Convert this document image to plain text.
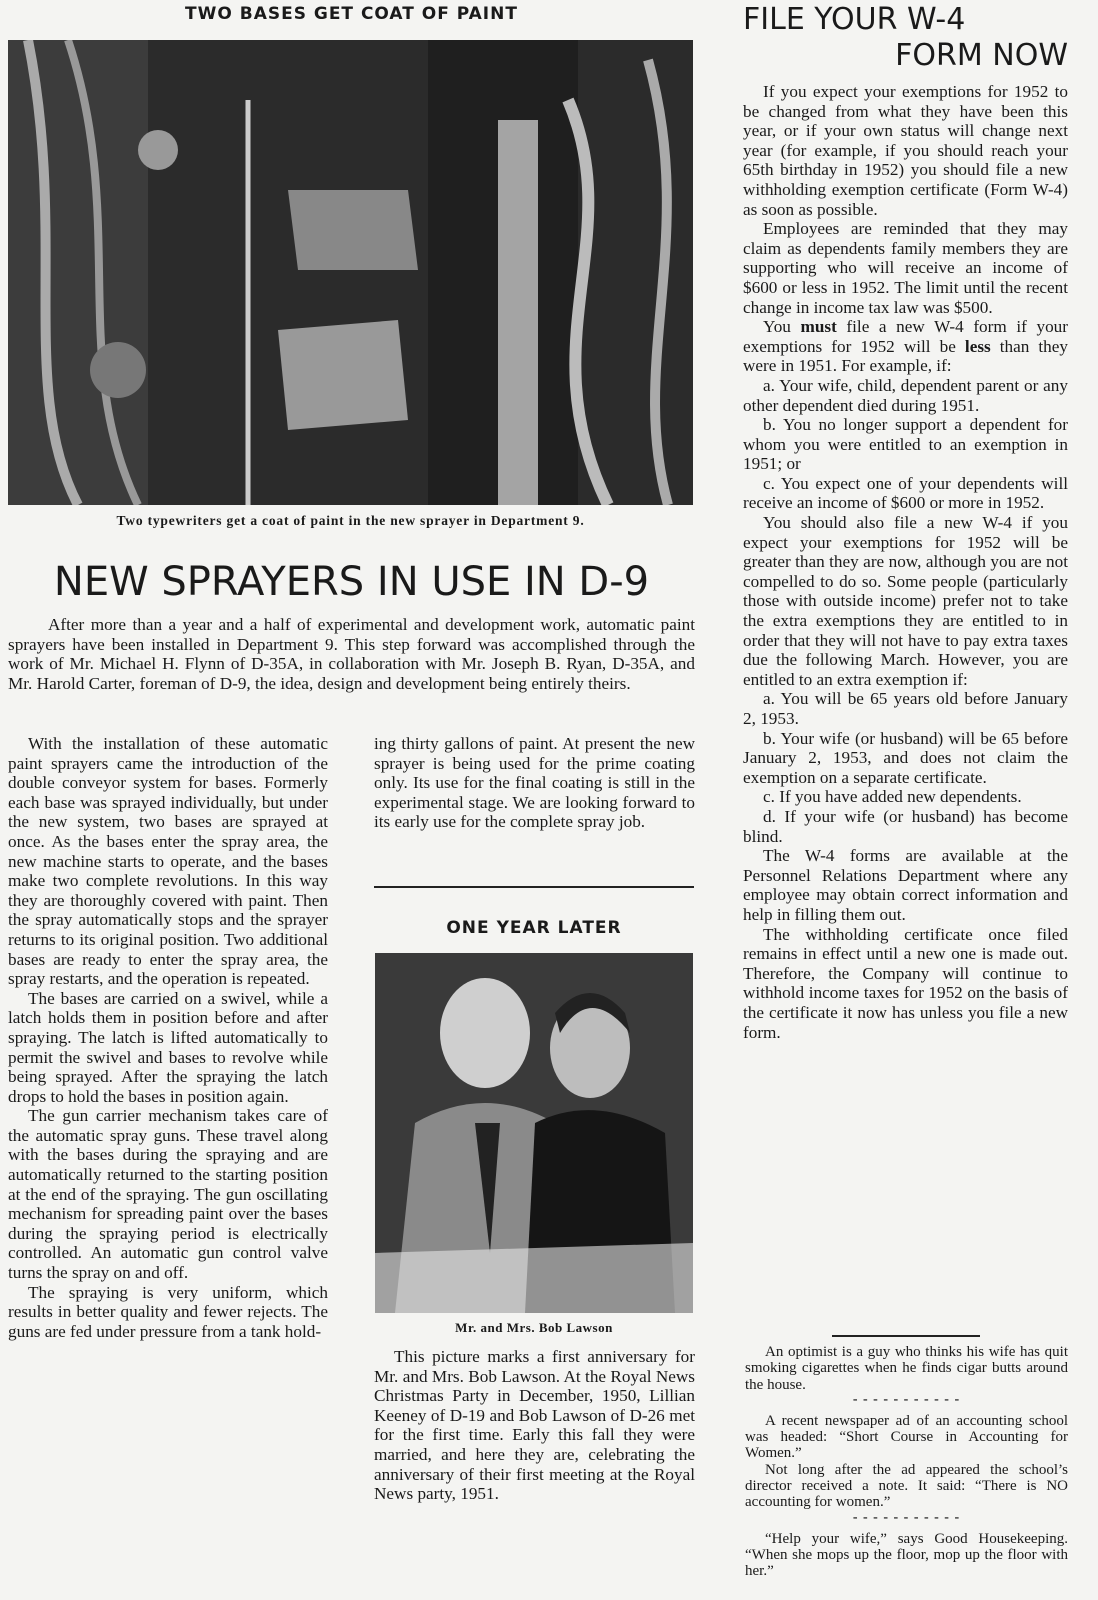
TWO BASES GET COAT OF PAINT
Two typewriters get a coat of paint in the new sprayer in Department 9.
NEW SPRAYERS IN USE IN D-9

After more than a year and a half of experimental and development work, automatic paint sprayers have been installed in Department 9. This step forward was accomplished through the work of Mr. Michael H. Flynn of D-35A, in collaboration with Mr. Joseph B. Ryan, D-35A, and Mr. Harold Carter, foreman of D-9, the idea, design and development being entirely theirs.

With the installation of these automatic paint sprayers came the introduction of the double conveyor system for bases. Formerly each base was sprayed individually, but under the new system, two bases are sprayed at once. As the bases enter the spray area, the new machine starts to operate, and the bases make two complete revolutions. In this way they are thoroughly covered with paint. Then the spray automatically stops and the sprayer returns to its original position. Two additional bases are ready to enter the spray area, the spray restarts, and the operation is repeated.

The bases are carried on a swivel, while a latch holds them in position before and after spraying. The latch is lifted automatically to permit the swivel and bases to revolve while being sprayed. After the spraying the latch drops to hold the bases in position again.

The gun carrier mechanism takes care of the automatic spray guns. These travel along with the bases during the spraying and are automatically returned to the starting position at the end of the spraying. The gun oscillating mechanism for spreading paint over the bases during the spraying period is electrically controlled. An automatic gun control valve turns the spray on and off.

The spraying is very uniform, which results in better quality and fewer rejects. The guns are fed under pressure from a tank hold-

ing thirty gallons of paint. At present the new sprayer is being used for the prime coating only. Its use for the final coating is still in the experimental stage. We are looking forward to its early use for the complete spray job.

ONE YEAR LATER
Mr. and Mrs. Bob Lawson

This picture marks a first anniversary for Mr. and Mrs. Bob Lawson. At the Royal News Christmas Party in December, 1950, Lillian Keeney of D-19 and Bob Lawson of D-26 met for the first time. Early this fall they were married, and here they are, celebrating the anniversary of their first meeting at the Royal News party, 1951.

FILE YOUR W-4
FORM NOW

If you expect your exemptions for 1952 to be changed from what they have been this year, or if your own status will change next year (for example, if you should reach your 65th birthday in 1952) you should file a new withholding exemption certificate (Form W-4) as soon as possible.

Employees are reminded that they may claim as dependents family members they are supporting who will receive an income of $600 or less in 1952. The limit until the recent change in income tax law was $500.

You must file a new W-4 form if your exemptions for 1952 will be less than they were in 1951. For example, if:

a. Your wife, child, dependent parent or any other dependent died during 1951.

b. You no longer support a dependent for whom you were entitled to an exemption in 1951; or

c. You expect one of your dependents will receive an income of $600 or more in 1952.

You should also file a new W-4 if you expect your exemptions for 1952 will be greater than they are now, although you are not compelled to do so. Some people (particularly those with outside income) prefer not to take the extra exemptions they are entitled to in order that they will not have to pay extra taxes due the following March. However, you are entitled to an extra exemption if:

a. You will be 65 years old before January 2, 1953.

b. Your wife (or husband) will be 65 before January 2, 1953, and does not claim the exemption on a separate certificate.

c. If you have added new dependents.

d. If your wife (or husband) has become blind.

The W-4 forms are available at the Personnel Relations Department where any employee may obtain correct information and help in filling them out.

The withholding certificate once filed remains in effect until a new one is made out. Therefore, the Company will continue to withhold income taxes for 1952 on the basis of the certificate it now has unless you file a new form.

An optimist is a guy who thinks his wife has quit smoking cigarettes when he finds cigar butts around the house.

- - - - - - - - - - -

A recent newspaper ad of an accounting school was headed: “Short Course in Accounting for Women.”

Not long after the ad appeared the school’s director received a note. It said: “There is NO accounting for women.”

- - - - - - - - - - -

“Help your wife,” says Good Housekeeping. “When she mops up the floor, mop up the floor with her.”
